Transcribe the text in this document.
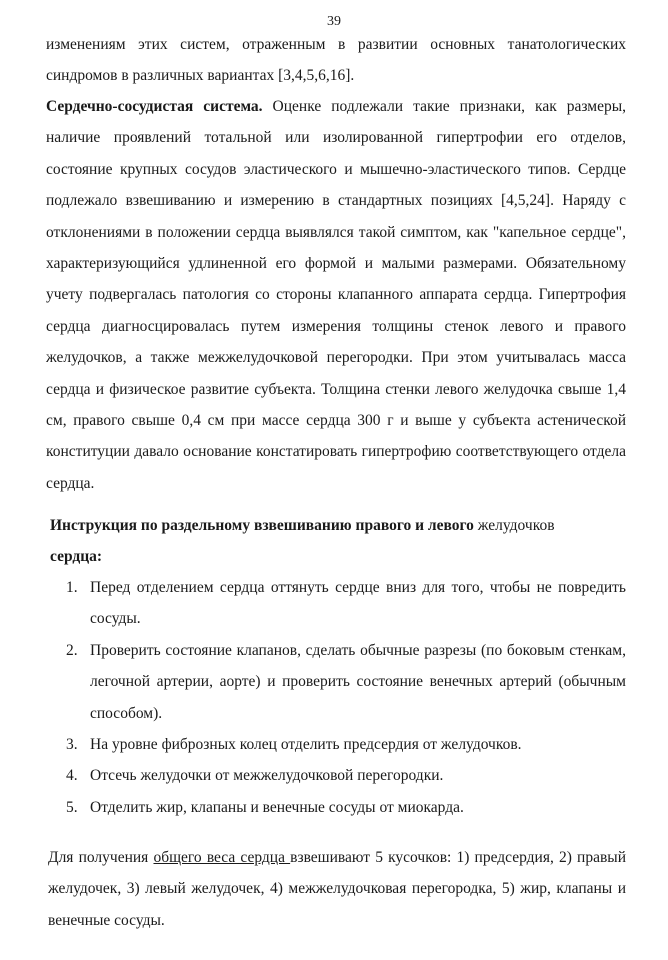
39

изменениям этих систем, отраженным в развитии основных танатологических синдромов в различных вариантах [3,4,5,6,16].

Сердечно-сосудистая система. Оценке подлежали такие признаки, как размеры, наличие проявлений тотальной или изолированной гипертрофии его отделов, состояние крупных сосудов эластического и мышечно-эластического типов. Сердце подлежало взвешиванию и измерению в стандартных позициях [4,5,24]. Наряду с отклонениями в положении сердца выявлялся такой симптом, как "капельное сердце", характеризующийся удлиненной его формой и малыми размерами. Обязательному учету подвергалась патология со стороны клапанного аппарата сердца. Гипертрофия сердца диагносцировалась путем измерения толщины стенок левого и правого желудочков, а также межжелудочковой перегородки. При этом учитывалась масса сердца и физическое развитие субъекта. Толщина стенки левого желудочка свыше 1,4 см, правого свыше 0,4 см при массе сердца 300 г и выше у субъекта астенической конституции давало основание констатировать гипертрофию соответствующего отдела сердца.

Инструкция по раздельному взвешиванию правого и левого желудочков
сердца:

1. Перед отделением сердца оттянуть сердце вниз для того, чтобы не повредить сосуды.
2. Проверить состояние клапанов, сделать обычные разрезы (по боковым стенкам, легочной артерии, аорте) и проверить состояние венечных артерий (обычным способом).
3. На уровне фиброзных колец отделить предсердия от желудочков.
4. Отсечь желудочки от межжелудочковой перегородки.
5. Отделить жир, клапаны и венечные сосуды от миокарда.

Для получения общего веса сердца взвешивают 5 кусочков: 1) предсердия, 2) правый желудочек, 3) левый желудочек, 4) межжелудочковая перегородка, 5) жир, клапаны и венечные сосуды.
